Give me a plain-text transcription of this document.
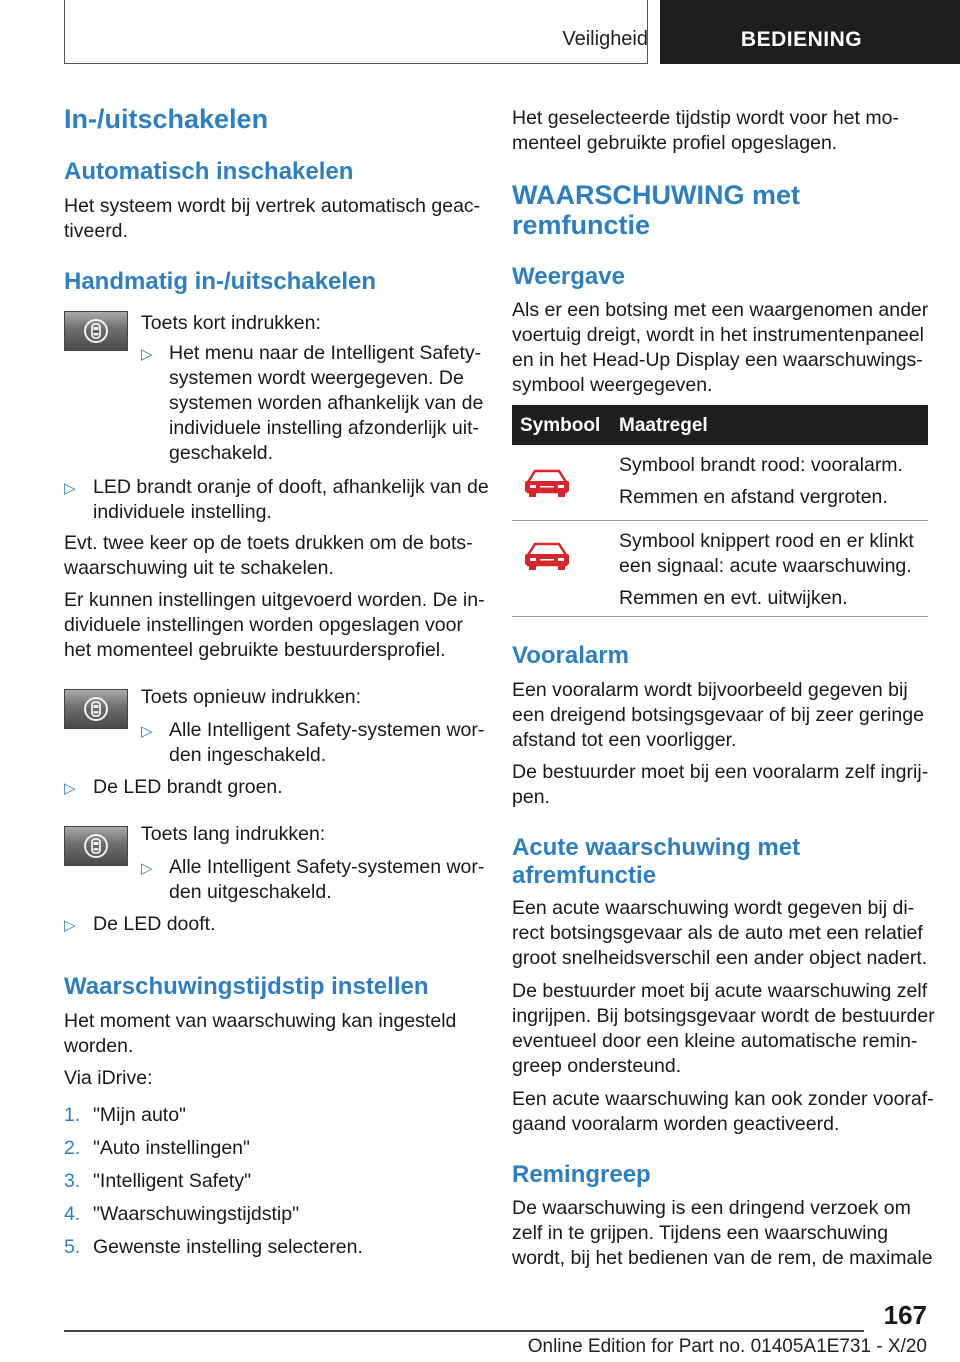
Veiligheid	BEDIENING
In-/uitschakelen
Automatisch inschakelen
Het systeem wordt bij vertrek automatisch geac‐
tiveerd.
Handmatig in-/uitschakelen
Toets kort indrukken:
▷ Het menu naar de Intelligent Safety-
systemen wordt weergegeven. De
systemen worden afhankelijk van de
individuele instelling afzonderlijk uit‐
geschakeld.
▷ LED brandt oranje of dooft, afhankelijk van de
individuele instelling.
Evt. twee keer op de toets drukken om de bots‐
waarschuwing uit te schakelen.
Er kunnen instellingen uitgevoerd worden. De in‐
dividuele instellingen worden opgeslagen voor
het momenteel gebruikte bestuurdersprofiel.
Toets opnieuw indrukken:
▷ Alle Intelligent Safety-systemen wor‐
den ingeschakeld.
▷ De LED brandt groen.
Toets lang indrukken:
▷ Alle Intelligent Safety-systemen wor‐
den uitgeschakeld.
▷ De LED dooft.
Waarschuwingstijdstip instellen
Het moment van waarschuwing kan ingesteld
worden.
Via iDrive:
1. "Mijn auto"
2. "Auto instellingen"
3. "Intelligent Safety"
4. "Waarschuwingstijdstip"
5. Gewenste instelling selecteren.
Het geselecteerde tijdstip wordt voor het mo‐
menteel gebruikte profiel opgeslagen.
WAARSCHUWING met
remfunctie
Weergave
Als er een botsing met een waargenomen ander
voertuig dreigt, wordt in het instrumentenpaneel
en in het Head-Up Display een waarschuwings‐
symbool weergegeven.
Symbool Maatregel
Symbool brandt rood: vooralarm.
Remmen en afstand vergroten.
Symbool knippert rood en er klinkt
een signaal: acute waarschuwing.
Remmen en evt. uitwijken.
Vooralarm
Een vooralarm wordt bijvoorbeeld gegeven bij
een dreigend botsingsgevaar of bij zeer geringe
afstand tot een voorligger.
De bestuurder moet bij een vooralarm zelf ingrij‐
pen.
Acute waarschuwing met
afremfunctie
Een acute waarschuwing wordt gegeven bij di‐
rect botsingsgevaar als de auto met een relatief
groot snelheidsverschil een ander object nadert.
De bestuurder moet bij acute waarschuwing zelf
ingrijpen. Bij botsingsgevaar wordt de bestuurder
eventueel door een kleine automatische remin‐
greep ondersteund.
Een acute waarschuwing kan ook zonder vooraf‐
gaand vooralarm worden geactiveerd.
Remingreep
De waarschuwing is een dringend verzoek om
zelf in te grijpen. Tijdens een waarschuwing
wordt, bij het bedienen van de rem, de maximale
167
Online Edition for Part no. 01405A1E731 - X/20
